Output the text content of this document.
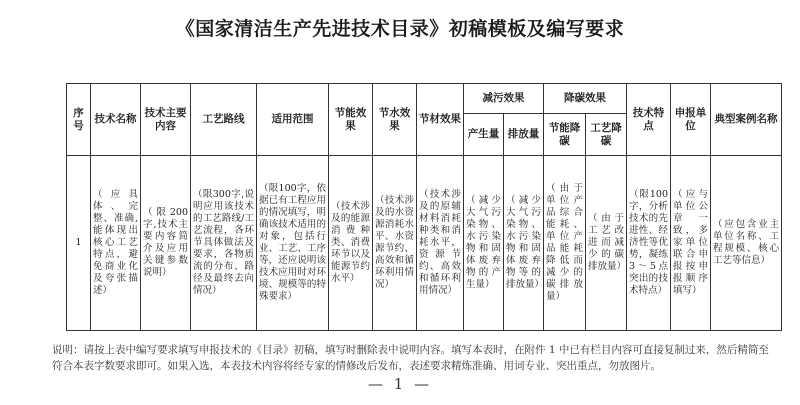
《国家清洁生产先进技术目录》初稿模板及编写要求
序号	技术名称	技术主要内容	工艺路线	适用范围	节能效果	节水效果	节材效果	减污效果		降碳效果		技术特点	申报单位	典型案例名称
								产生量	排放量	节能降碳	工艺降碳			
1	（应具体、完整、准确,能体现出核心工艺特点，避免商业化及夸张描述）	（限200字,技术主要内容简介及应用关键参数说明）	（限300字,说明应用该技术的工艺路线/工艺流程，各环节具体做法及要求，各物质流的分布、路径及最终去向情况）	（限100字，依据已有工程应用的情况填写，明确该技术适用的对象，包括行业、工艺、工序等，还应说明该技术应用时对环境、规模等的特殊要求）	（技术涉及的能源消费种类、消费环节以及能源节约水平）	（技术涉及的水资源消耗水平、水资源节约、高效和循环利用情况）	（技术涉及的原辅材料消耗种类和消耗水平，资源节约、高效和循环利用情况）	（减少大气污染物、水污染物和固体废弃物的产生量）	（减少大气污染物、水污染物和固体废弃物等的排放量）	（由于单位产品综合能耗、单位产品能耗降低而减少的碳排放量）	（由于工艺改进而减少的碳排放量）	（限100字，分析技术的先进性、经济性等优势，凝练3～5点突出的技术特点）	（应与单位公章一致，多家单位联合申报按申报顺序填写）	（应包含业主单位名称、工程规模、核心工艺等信息）
说明：请按上表中编写要求填写申报技术的《目录》初稿，填写时删除表中说明内容。填写本表时，在附件 1 中已有栏目内容可直接复制过来，然后精简至符合本表字数要求即可。如果入选，本表技术内容将经专家的情修改后发布，表述要求精炼准确、用词专业、突出重点，勿放图片。
— 1 —
